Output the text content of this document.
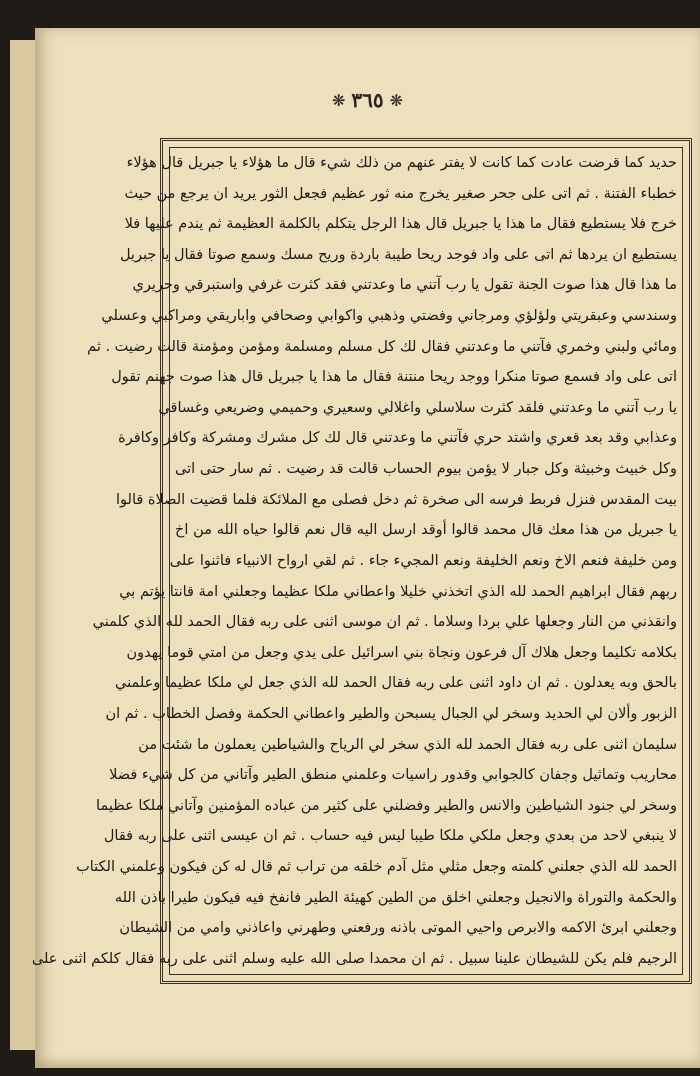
❋ ٣٦٥ ❋
حديد كما قرضت عادت كما كانت لا يفتر عنهم من ذلك شيء قال ما هؤلاء يا جبريل قال هؤلاء
خطباء الفتنة . ثم اتى على جحر صغير يخرج منه ثور عظيم فجعل الثور يريد ان يرجع من حيث
خرج فلا يستطيع فقال ما هذا يا جبريل قال هذا الرجل يتكلم بالكلمة العظيمة ثم يندم عليها فلا
يستطيع ان يردها ثم اتى على واد فوجد ريحا طيبة باردة وريح مسك وسمع صوتا فقال يا جبريل
ما هذا قال هذا صوت الجنة تقول يا رب آتني ما وعدتني فقد كثرت غرفي واستبرقي وحريري
وسندسي وعبقريتي ولؤلؤي ومرجاني وفضتي وذهبي واكوابي وصحافي واباريقي ومراكبي وعسلي
ومائي ولبني وخمري فآتني ما وعدتني فقال لك كل مسلم ومسلمة ومؤمن ومؤمنة قالت رضيت . ثم
اتى على واد فسمع صوتا منكرا ووجد ريحا منتنة فقال ما هذا يا جبريل قال هذا صوت جهنم تقول
يا رب آتني ما وعدتني فلقد كثرت سلاسلي واغلالي وسعيري وحميمي وضريعي وغساقي
وعذابي وقد بعد قعري واشتد حري فآتني ما وعدتني قال لك كل مشرك ومشركة وكافر وكافرة
وكل خبيث وخبيثة وكل جبار لا يؤمن بيوم الحساب قالت قد رضيت . ثم سار حتى اتى
بيت المقدس فنزل فربط فرسه الى صخرة ثم دخل فصلى مع الملائكة فلما قضيت الصلاة قالوا
يا جبريل من هذا معك قال محمد قالوا أوقد ارسل اليه قال نعم قالوا حياه الله من اخ
ومن خليفة فنعم الاخ ونعم الخليفة ونعم المجيء جاء . ثم لقي ارواح الانبياء فاثنوا على
ربهم فقال ابراهيم الحمد لله الذي اتخذني خليلا واعطاني ملكا عظيما وجعلني امة قانتا يؤتم بي
وانقذني من النار وجعلها علي بردا وسلاما . ثم ان موسى اثنى على ربه فقال الحمد لله الذي كلمني
بكلامه تكليما وجعل هلاك آل فرعون ونجاة بني اسرائيل على يدي وجعل من امتي قوما يهدون
بالحق وبه يعدلون . ثم ان داود اثنى على ربه فقال الحمد لله الذي جعل لي ملكا عظيما وعلمني
الزبور وألان لي الحديد وسخر لي الجبال يسبحن والطير واعطاني الحكمة وفصل الخطاب . ثم ان
سليمان اثنى على ربه فقال الحمد لله الذي سخر لي الرياح والشياطين يعملون ما شئت من
محاريب وتماثيل وجفان كالجوابي وقدور راسيات وعلمني منطق الطير وآتاني من كل شيء فضلا
وسخر لي جنود الشياطين والانس والطير وفضلني على كثير من عباده المؤمنين وآتاني ملكا عظيما
لا ينبغي لاحد من بعدي وجعل ملكي ملكا طيبا ليس فيه حساب . ثم ان عيسى اثنى على ربه فقال
الحمد لله الذي جعلني كلمته وجعل مثلي مثل آدم خلقه من تراب ثم قال له كن فيكون وعلمني الكتاب
والحكمة والتوراة والانجيل وجعلني اخلق من الطين كهيئة الطير فانفخ فيه فيكون طيرا باذن الله
وجعلني ابرئ الاكمه والابرص واحيي الموتى باذنه ورفعني وطهرني واعاذني وامي من الشيطان
الرجيم فلم يكن للشيطان علينا سبيل . ثم ان محمدا صلى الله عليه وسلم اثنى على ربه فقال كلكم اثنى على
